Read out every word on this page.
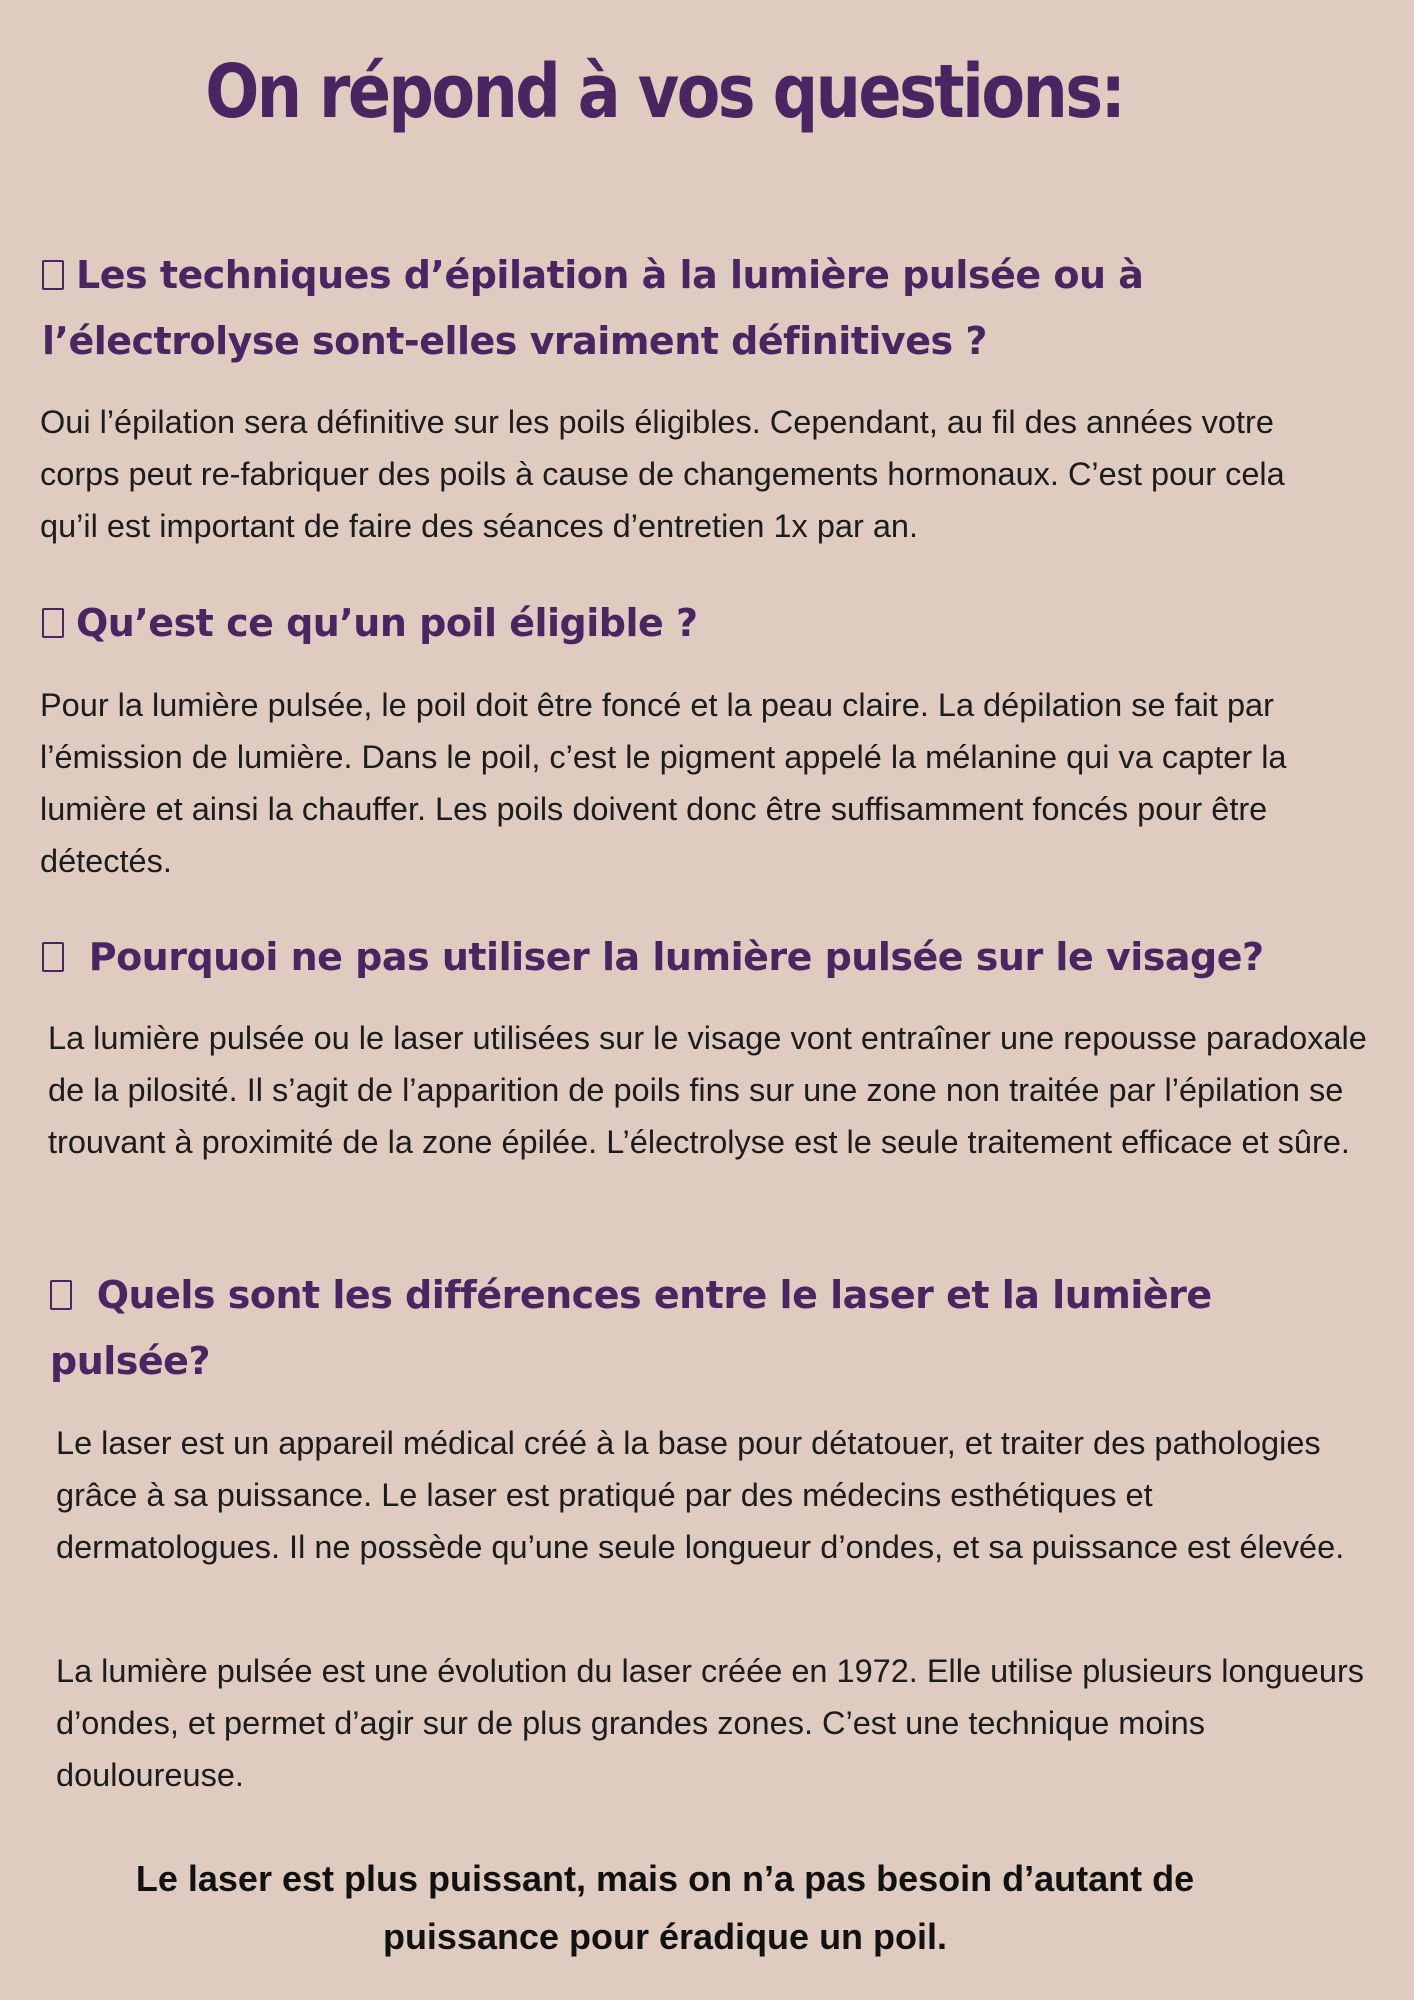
On répond à vos questions:
Les techniques d’épilation à la lumière pulsée ou à l’électrolyse sont-elles vraiment définitives ?

Oui l’épilation sera définitive sur les poils éligibles. Cependant, au fil des années votre corps peut re-fabriquer des poils à cause de changements hormonaux. C’est pour cela qu’il est important de faire des séances d’entretien 1x par an.

Qu’est ce qu’un poil éligible ?

Pour la lumière pulsée, le poil doit être foncé et la peau claire. La dépilation se fait par l’émission de lumière. Dans le poil, c’est le pigment appelé la mélanine qui va capter la lumière et ainsi la chauffer. Les poils doivent donc être suffisamment foncés pour être détectés.

Pourquoi ne pas utiliser la lumière pulsée sur le visage?

La lumière pulsée ou le laser utilisées sur le visage vont entraîner une repousse paradoxale de la pilosité. Il s’agit de l’apparition de poils fins sur une zone non traitée par l’épilation se trouvant à proximité de la zone épilée. L’électrolyse est le seule traitement efficace et sûre.

Quels sont les différences entre le laser et la lumière pulsée?

Le laser est un appareil médical créé à la base pour détatouer, et traiter des pathologies grâce à sa puissance. Le laser est pratiqué par des médecins esthétiques et dermatologues. Il ne possède qu’une seule longueur d’ondes, et sa puissance est élevée.

La lumière pulsée est une évolution du laser créée en 1972. Elle utilise plusieurs longueurs d’ondes, et permet d’agir sur de plus grandes zones. C’est une technique moins douloureuse.

Le laser est plus puissant, mais on n’a pas besoin d’autant de
puissance pour éradique un poil.
